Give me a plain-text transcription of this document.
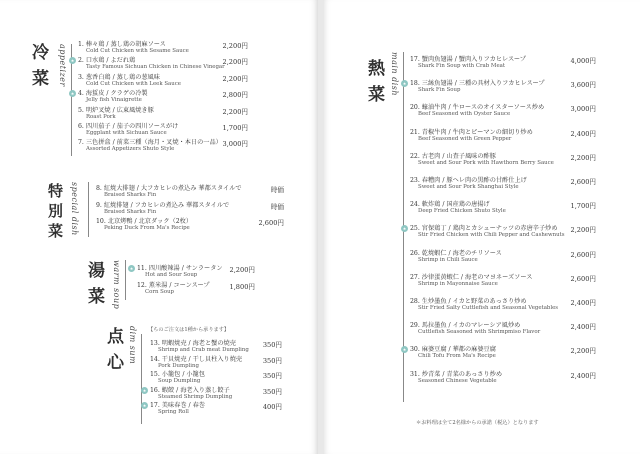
冷菜	appetizer 1. 棒々鶏 / 蒸し鶏の胡麻ソース
Cold Cut Chicken with Sesame Sauce
2,200円
★ 2. 口水鶏 / よだれ鶏
Tasty Famous Sichuan Chicken in Chinese Vinegar
2,200円
3. 葱香白鶏 / 蒸し鶏の葱風味
Cold Cut Chicken with Leek Sauce
2,200円
★ 4. 海蜇皮 / クラゲの冷製
Jelly fish Vinaigrette
2,800円
5. 明炉叉焼 / 広東風焼き豚
Roast Pork
2,200円
6. 四川茄子 / 茄子の四川ソースがけ
Eggplant with Sichuan Sauce
1,700円
7. 三色拼盒 / 前菜三種（海月・叉焼・本日の一品）
Assorted Appetizers Shuto Style
3,000円
特別菜 special dish	8. 紅焼大排翅 / 大フカヒレの煮込み 華都スタイルで
Braised Sharks Fin
時価
9. 紅焼排翅 / フカヒレの煮込み 華都スタイルで
Braised Sharks Fin
時価
10. 北京烤鴨 / 北京ダック（2枚）
Peking Duck From Ma's Recipe
2,600円
湯菜 warm soup	★ 11. 四川酸辣湯 / サンラータン
Hot and Sour Soup
2,200円
12. 薫米湯 / コーンスープ
Corn Soup
1,800円
【ちのご注文は1種から承ります】
点心 dim sum 13. 明蝦焼売 / 海老と蟹の焼売
Shrimp and Crab meat Dumpling
350円
14. 干貝焼売 / 干し貝柱入り焼売
Pork Dumpling
350円
15. 小籠包 / 小籠包
Soup Dumpling
350円
★ 16. 蝦餃 / 海老入り蒸し餃子
Steamed Shrimp Dumpling
350円
★ 17. 美味春巻 / 春巻
Spring Roll
400円
熱菜 main dish 17. 蟹肉魚翅湯 / 蟹肉入りフカヒレスープ
Shark Fin Soup with Crab Meat
4,000円
★ 18. 三絲魚翅湯 / 三種の具材入りフカヒレスープ
Shark Fin Soup
3,600円
20. 蠔油牛肉 / 牛ロースのオイスターソース炒め
Beef Seasoned with Oyster Sauce
3,000円
21. 青椒牛肉 / 牛肉とピーマンの細切り炒め
Beef Seasoned with Green Pepper
2,400円
22. 古老肉 / 山査子風味の酢豚
Sweet and Sour Pork with Hawthorn Berry Sauce
2,200円
23. 春糟肉 / 豚ヘレ肉の黒酢の甘酢仕上げ
Sweet and Sour Pork Shanghai Style
2,600円
24. 軟炸鶏 / 国産鶏の唐揚げ
Deep Fried Chicken Shuto Style
1,700円
★ 25. 宮保鶏丁 / 鶏肉とカシューナッツの赤唐辛子炒め
Stir Fried Chicken with Chili Pepper and Cashewnuts
2,200円
26. 乾焼蝦仁 / 海老のチリソース
Shrimp in Chili Sauce
2,600円
27. 沙律蛋黄蝦仁 / 海老のマヨネーズソース
Shrimp in Mayonnaise Sauce
2,600円
28. 生炒墨魚 / イカと野菜のあっさり炒め
Stir Fried Salty Cuttlefish and Seasonal Vegetables
2,400円
29. 馬拉墨魚 / イカのマレーシア風炒め
Cuttlefish Seasoned with Shrimpmiso Flavor
2,400円
★ 30. 麻婆豆腐 / 華都の麻婆豆腐
Chili Tofu From Ma's Recipe
2,200円
31. 炒青菜 / 青菜のあっさり炒め
Seasoned Chinese Vegetable
2,400円
＊お料理は全て2名様からの承諾（税込）となります
